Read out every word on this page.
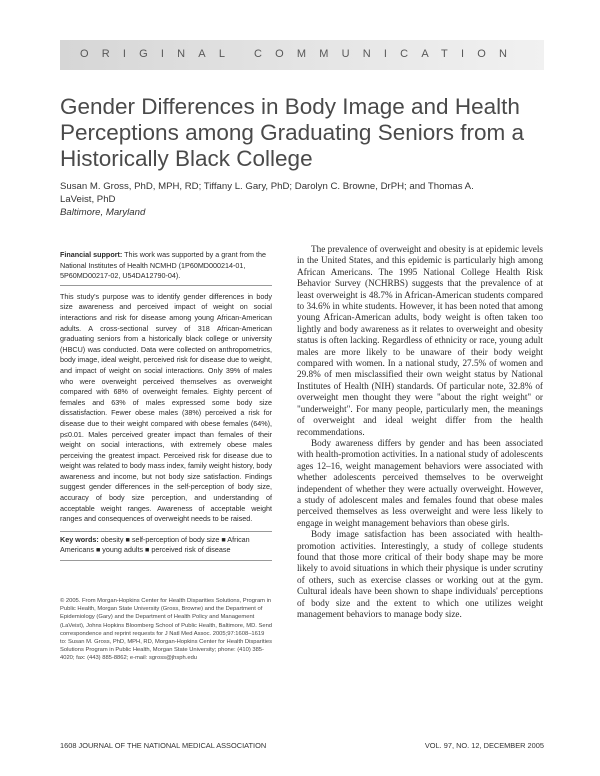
ORIGINAL COMMUNICATION
Gender Differences in Body Image and Health Perceptions among Graduating Seniors from a Historically Black College
Susan M. Gross, PhD, MPH, RD; Tiffany L. Gary, PhD; Darolyn C. Browne, DrPH; and Thomas A. LaVeist, PhD
Baltimore, Maryland

Financial support: This work was supported by a grant from the National Institutes of Health NCMHD (1P60MD000214-01, 5P60MD00217-02, U54DA12790-04).

This study's purpose was to identify gender differences in body size awareness and perceived impact of weight on social interactions and risk for disease among young African-American adults. A cross-sectional survey of 318 African-American graduating seniors from a historically black college or university (HBCU) was conducted. Data were collected on anthropometrics, body image, ideal weight, perceived risk for disease due to weight, and impact of weight on social interactions. Only 39% of males who were overweight perceived themselves as overweight compared with 68% of overweight females. Eighty percent of females and 63% of males expressed some body size dissatisfaction. Fewer obese males (38%) perceived a risk for disease due to their weight compared with obese females (64%), p≤0.01. Males perceived greater impact than females of their weight on social interactions, with extremely obese males perceiving the greatest impact. Perceived risk for disease due to weight was related to body mass index, family weight history, body awareness and income, but not body size satisfaction. Findings suggest gender differences in the self-perception of body size, accuracy of body size perception, and understanding of acceptable weight ranges. Awareness of acceptable weight ranges and consequences of overweight needs to be raised.

Key words: obesity ■ self-perception of body size ■ African Americans ■ young adults ■ perceived risk of disease

© 2005. From Morgan-Hopkins Center for Health Disparities Solutions, Program in Public Health, Morgan State University (Gross, Browne) and the Department of Epidemiology (Gary) and the Department of Health Policy and Management (LaVeist), Johns Hopkins Bloomberg School of Public Health, Baltimore, MD. Send correspondence and reprint requests for J Natl Med Assoc. 2005;97:1608–1619 to: Susan M. Gross, PhD, MPH, RD, Morgan-Hopkins Center for Health Disparities Solutions Program in Public Health, Morgan State University; phone: (410) 385-4020; fax: (443) 885-8862; e-mail: sgross@jhsph.edu

The prevalence of overweight and obesity is at epidemic levels in the United States, and this epidemic is particularly high among African Americans. The 1995 National College Health Risk Behavior Survey (NCHRBS) suggests that the prevalence of at least overweight is 48.7% in African-American students compared to 34.6% in white students. However, it has been noted that among young African-American adults, body weight is often taken too lightly and body awareness as it relates to overweight and obesity status is often lacking. Regardless of ethnicity or race, young adult males are more likely to be unaware of their body weight compared with women. In a national study, 27.5% of women and 29.8% of men misclassified their own weight status by National Institutes of Health (NIH) standards. Of particular note, 32.8% of overweight men thought they were "about the right weight" or "underweight". For many people, particularly men, the meanings of overweight and ideal weight differ from the health recommendations.

Body awareness differs by gender and has been associated with health-promotion activities. In a national study of adolescents ages 12–16, weight management behaviors were associated with whether adolescents perceived themselves to be overweight independent of whether they were actually overweight. However, a study of adolescent males and females found that obese males perceived themselves as less overweight and were less likely to engage in weight management behaviors than obese girls.

Body image satisfaction has been associated with health-promotion activities. Interestingly, a study of college students found that those more critical of their body shape may be more likely to avoid situations in which their physique is under scrutiny of others, such as exercise classes or working out at the gym. Cultural ideals have been shown to shape individuals' perceptions of body size and the extent to which one utilizes weight management behaviors to manage body size.

1608 JOURNAL OF THE NATIONAL MEDICAL ASSOCIATION	VOL. 97, NO. 12, DECEMBER 2005
